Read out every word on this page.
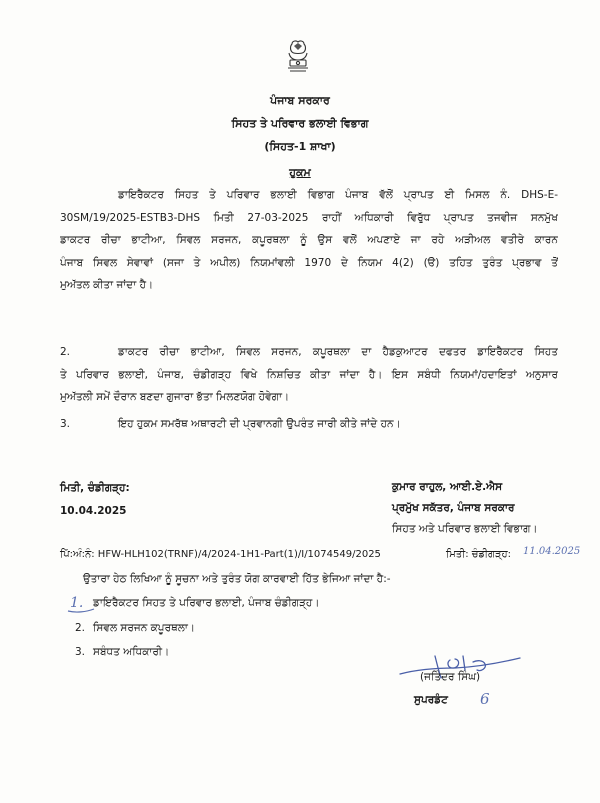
ਪੰਜਾਬ ਸਰਕਾਰ
ਸਿਹਤ ਤੇ ਪਰਿਵਾਰ ਭਲਾਈ ਵਿਭਾਗ
(ਸਿਹਤ-1 ਸ਼ਾਖਾ)
ਹੁਕਮ
ਡਾਇਰੈਕਟਰ ਸਿਹਤ ਤੇ ਪਰਿਵਾਰ ਭਲਾਈ ਵਿਭਾਗ ਪੰਜਾਬ ਵੱਲੋਂ ਪ੍ਰਾਪਤ ਈ ਮਿਸਲ ਨੰ. DHS-E-
30SM/19/2025-ESTB3-DHS ਮਿਤੀ 27-03-2025 ਰਾਹੀਂ ਅਧਿਕਾਰੀ ਵਿਰੁੱਧ ਪ੍ਰਾਪਤ ਤਜਵੀਜ ਸਨਮੁੱਖ
ਡਾਕਟਰ ਰੀਚਾ ਭਾਟੀਆ, ਸਿਵਲ ਸਰਜਨ, ਕਪੂਰਥਲਾ ਨੂੰ ਉਸ ਵਲੋਂ ਅਪਣਾਏ ਜਾ ਰਹੇ ਅੜੀਅਲ ਵਤੀਰੇ ਕਾਰਨ
ਪੰਜਾਬ ਸਿਵਲ ਸੇਵਾਵਾਂ (ਸਜਾ ਤੇ ਅਪੀਲ) ਨਿਯਮਾਂਵਲੀ 1970 ਦੇ ਨਿਯਮ 4(2) (ੳ) ਤਹਿਤ ਤੁਰੰਤ ਪ੍ਰਭਾਵ ਤੋਂ
ਮੁਅੱਤਲ ਕੀਤਾ ਜਾਂਦਾ ਹੈ।
2.	ਡਾਕਟਰ ਰੀਚਾ ਭਾਟੀਆ, ਸਿਵਲ ਸਰਜਨ, ਕਪੂਰਥਲਾ ਦਾ ਹੈਡਕੁਆਟਰ ਦਫਤਰ ਡਾਇਰੈਕਟਰ ਸਿਹਤ
ਤੇ ਪਰਿਵਾਰ ਭਲਾਈ, ਪੰਜਾਬ, ਚੰਡੀਗੜ੍ਹ ਵਿਖੇ ਨਿਸ਼ਚਿਤ ਕੀਤਾ ਜਾਂਦਾ ਹੈ। ਇਸ ਸਬੰਧੀ ਨਿਯਮਾਂ/ਹਦਾਇਤਾਂ ਅਨੁਸਾਰ
ਮੁਅੱਤਲੀ ਸਮੇਂ ਦੌਰਾਨ ਬਣਦਾ ਗੁਜਾਰਾ ਭੱਤਾ ਮਿਲਣਯੋਗ ਹੋਵੇਗਾ।
3.	ਇਹ ਹੁਕਮ ਸਮਰੱਥ ਅਥਾਰਟੀ ਦੀ ਪ੍ਰਵਾਨਗੀ ਉਪਰੰਤ ਜਾਰੀ ਕੀਤੇ ਜਾਂਦੇ ਹਨ।
ਮਿਤੀ, ਚੰਡੀਗੜ੍ਹ:
10.04.2025
ਕੁਮਾਰ ਰਾਹੁਲ, ਆਈ.ਏ.ਐਸ
ਪ੍ਰਮੁੱਖ ਸਕੱਤਰ, ਪੰਜਾਬ ਸਰਕਾਰ
ਸਿਹਤ ਅਤੇ ਪਰਿਵਾਰ ਭਲਾਈ ਵਿਭਾਗ।
ਪਿੱ:ਅੰ:ਨੰ: HFW-HLH102(TRNF)/4/2024-1H1-Part(1)/I/1074549/2025	ਮਿਤੀ: ਚੰਡੀਗੜ੍ਹ: 11.04.2025
ਉਤਾਰਾ ਹੇਠ ਲਿਖਿਆ ਨੂੰ ਸੂਚਨਾ ਅਤੇ ਤੁਰੰਤ ਯੋਗ ਕਾਰਵਾਈ ਹਿੱਤ ਭੇਜਿਆ ਜਾਂਦਾ ਹੈ:-
1. ਡਾਇਰੈਕਟਰ ਸਿਹਤ ਤੇ ਪਰਿਵਾਰ ਭਲਾਈ, ਪੰਜਾਬ ਚੰਡੀਗੜ੍ਹ।
2. ਸਿਵਲ ਸਰਜਨ ਕਪੂਰਥਲਾ।
3. ਸਬੰਧਤ ਅਧਿਕਾਰੀ।
(ਜਤਿੰਦਰ ਸਿੰਘ)
ਸੁਪਰਡੰਟ 6
